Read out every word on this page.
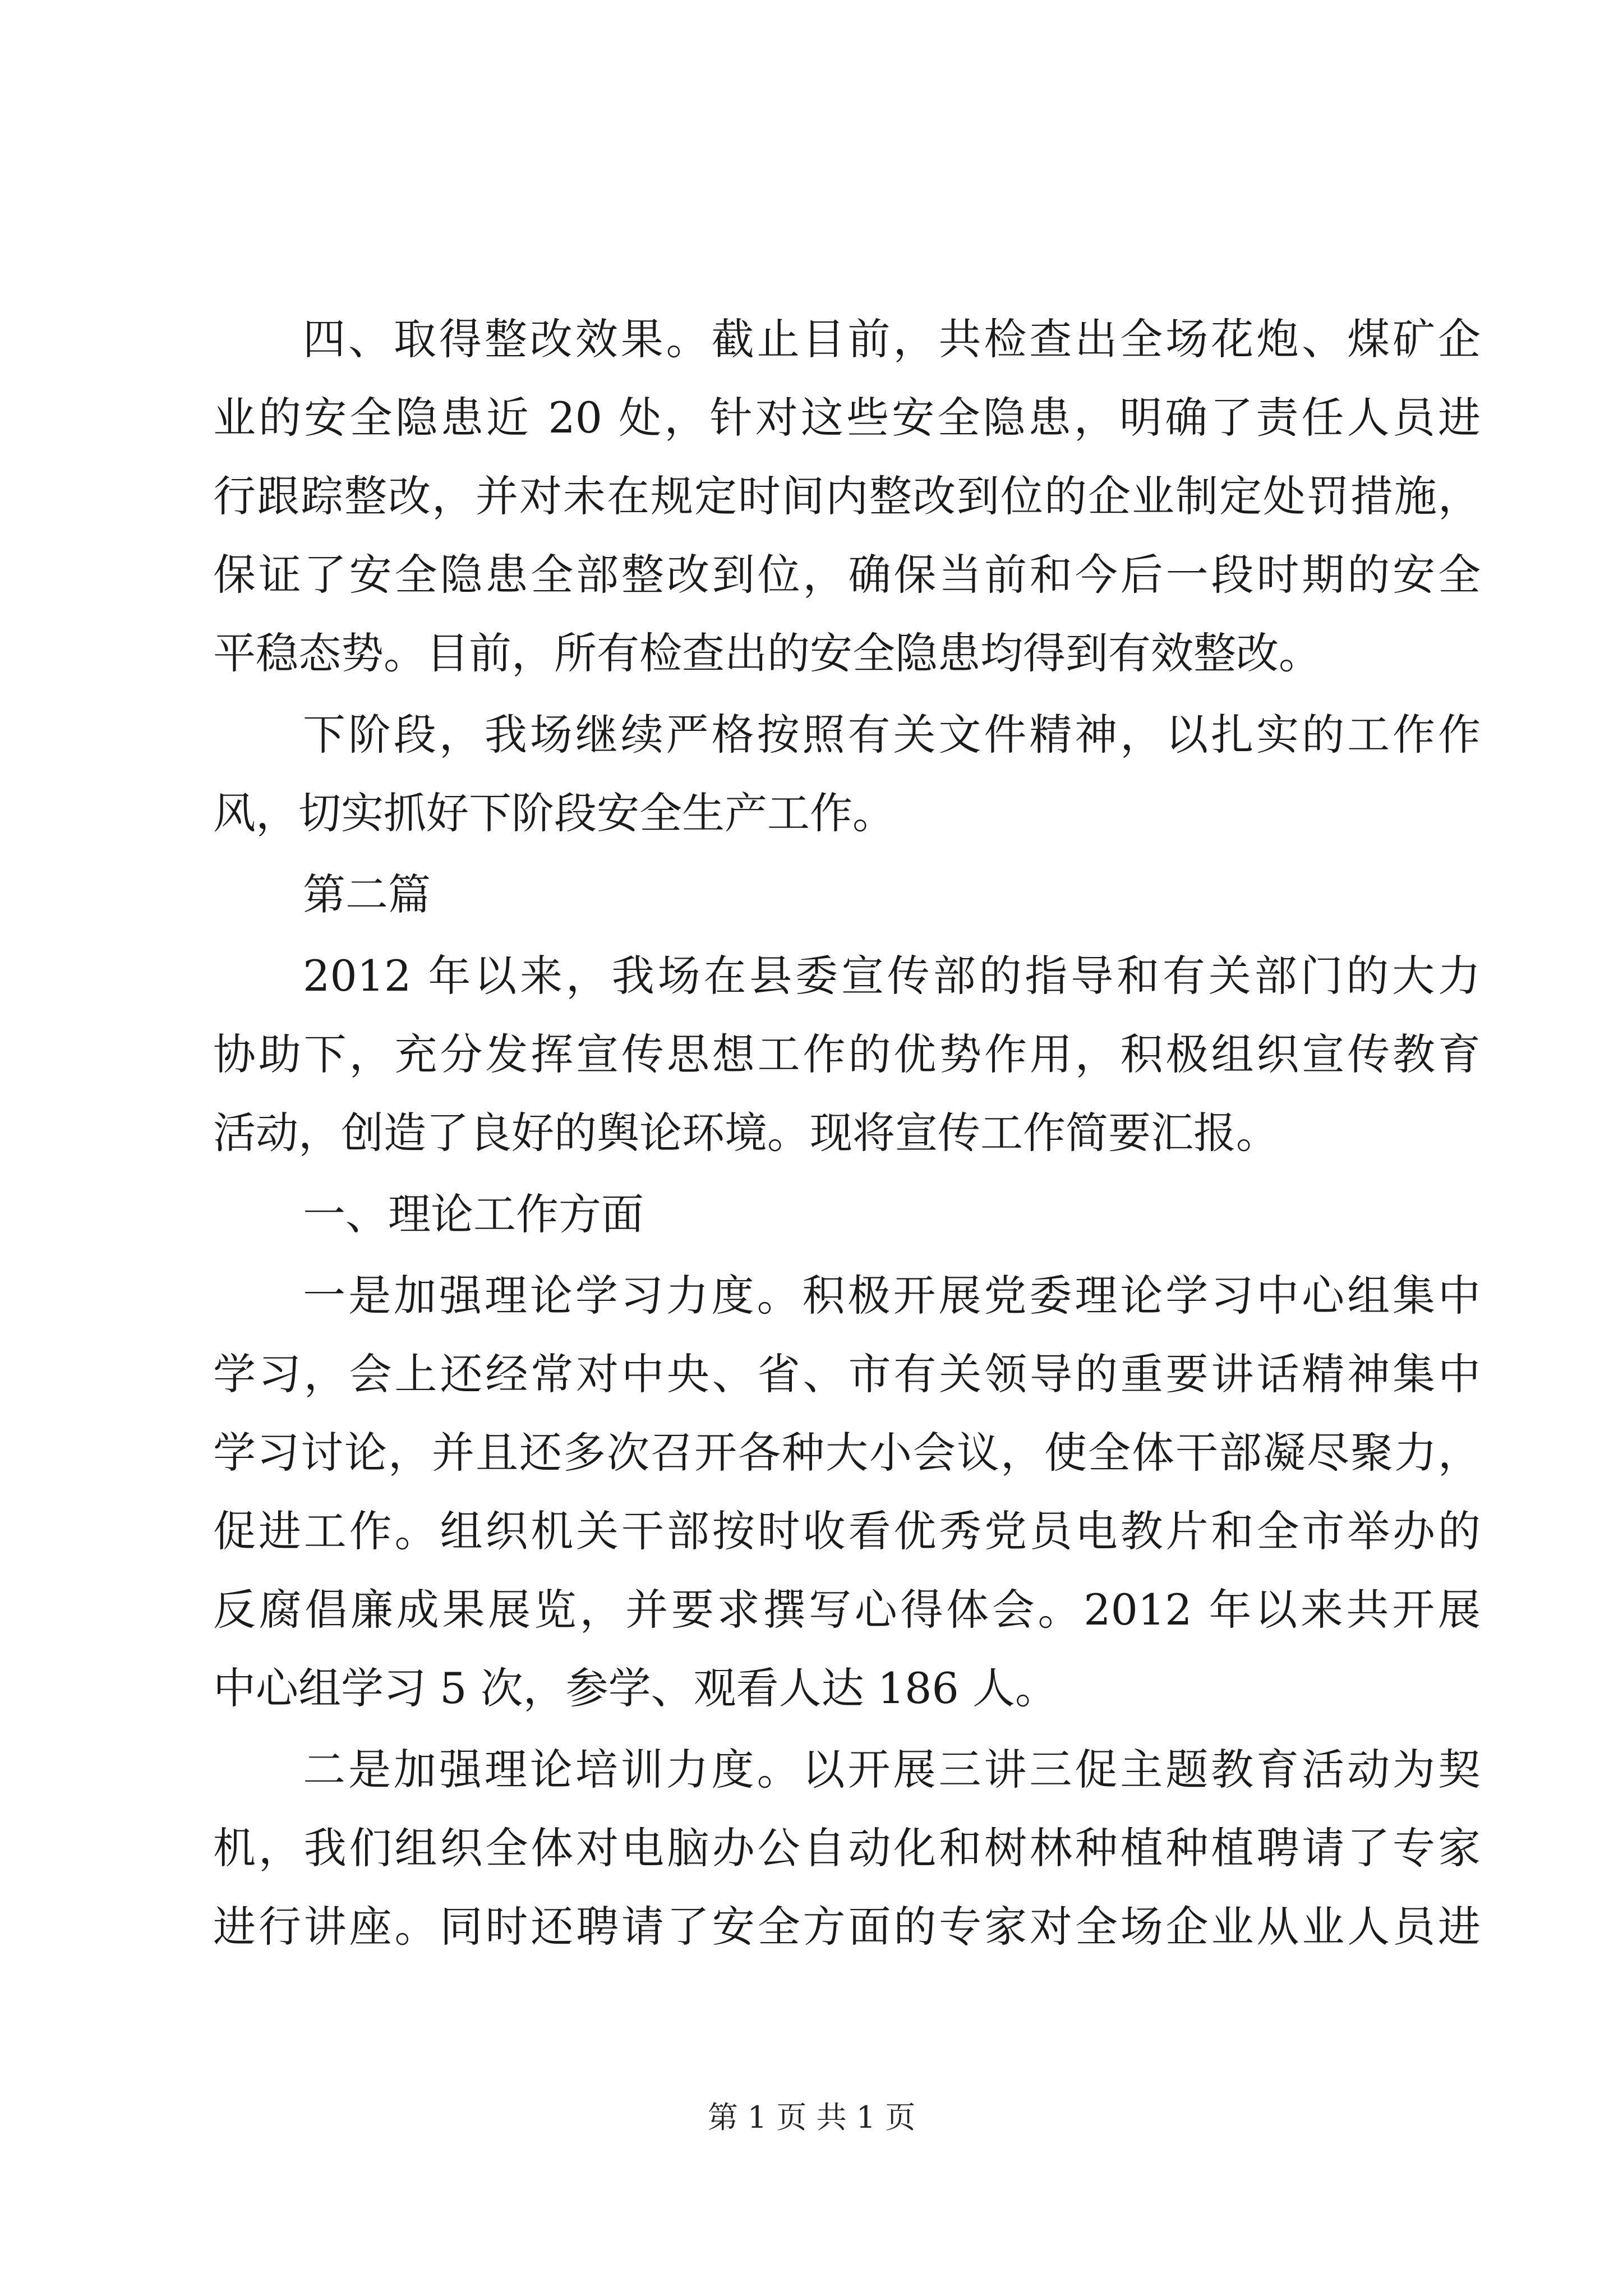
四、取得整改效果。截止目前，共检查出全场花炮、煤矿企
业的安全隐患近 20 处，针对这些安全隐患，明确了责任人员进
行跟踪整改，并对未在规定时间内整改到位的企业制定处罚措施，
保证了安全隐患全部整改到位，确保当前和今后一段时期的安全
平稳态势。目前，所有检查出的安全隐患均得到有效整改。
下阶段，我场继续严格按照有关文件精神，以扎实的工作作
风，切实抓好下阶段安全生产工作。
第二篇
2012 年以来，我场在县委宣传部的指导和有关部门的大力
协助下，充分发挥宣传思想工作的优势作用，积极组织宣传教育
活动，创造了良好的舆论环境。现将宣传工作简要汇报。
一、理论工作方面
一是加强理论学习力度。积极开展党委理论学习中心组集中
学习，会上还经常对中央、省、市有关领导的重要讲话精神集中
学习讨论，并且还多次召开各种大小会议，使全体干部凝尽聚力，
促进工作。组织机关干部按时收看优秀党员电教片和全市举办的
反腐倡廉成果展览，并要求撰写心得体会。2012 年以来共开展
中心组学习 5 次，参学、观看人达 186 人。
二是加强理论培训力度。以开展三讲三促主题教育活动为契
机，我们组织全体对电脑办公自动化和树林种植种植聘请了专家
进行讲座。同时还聘请了安全方面的专家对全场企业从业人员进
第 1 页 共 1 页
